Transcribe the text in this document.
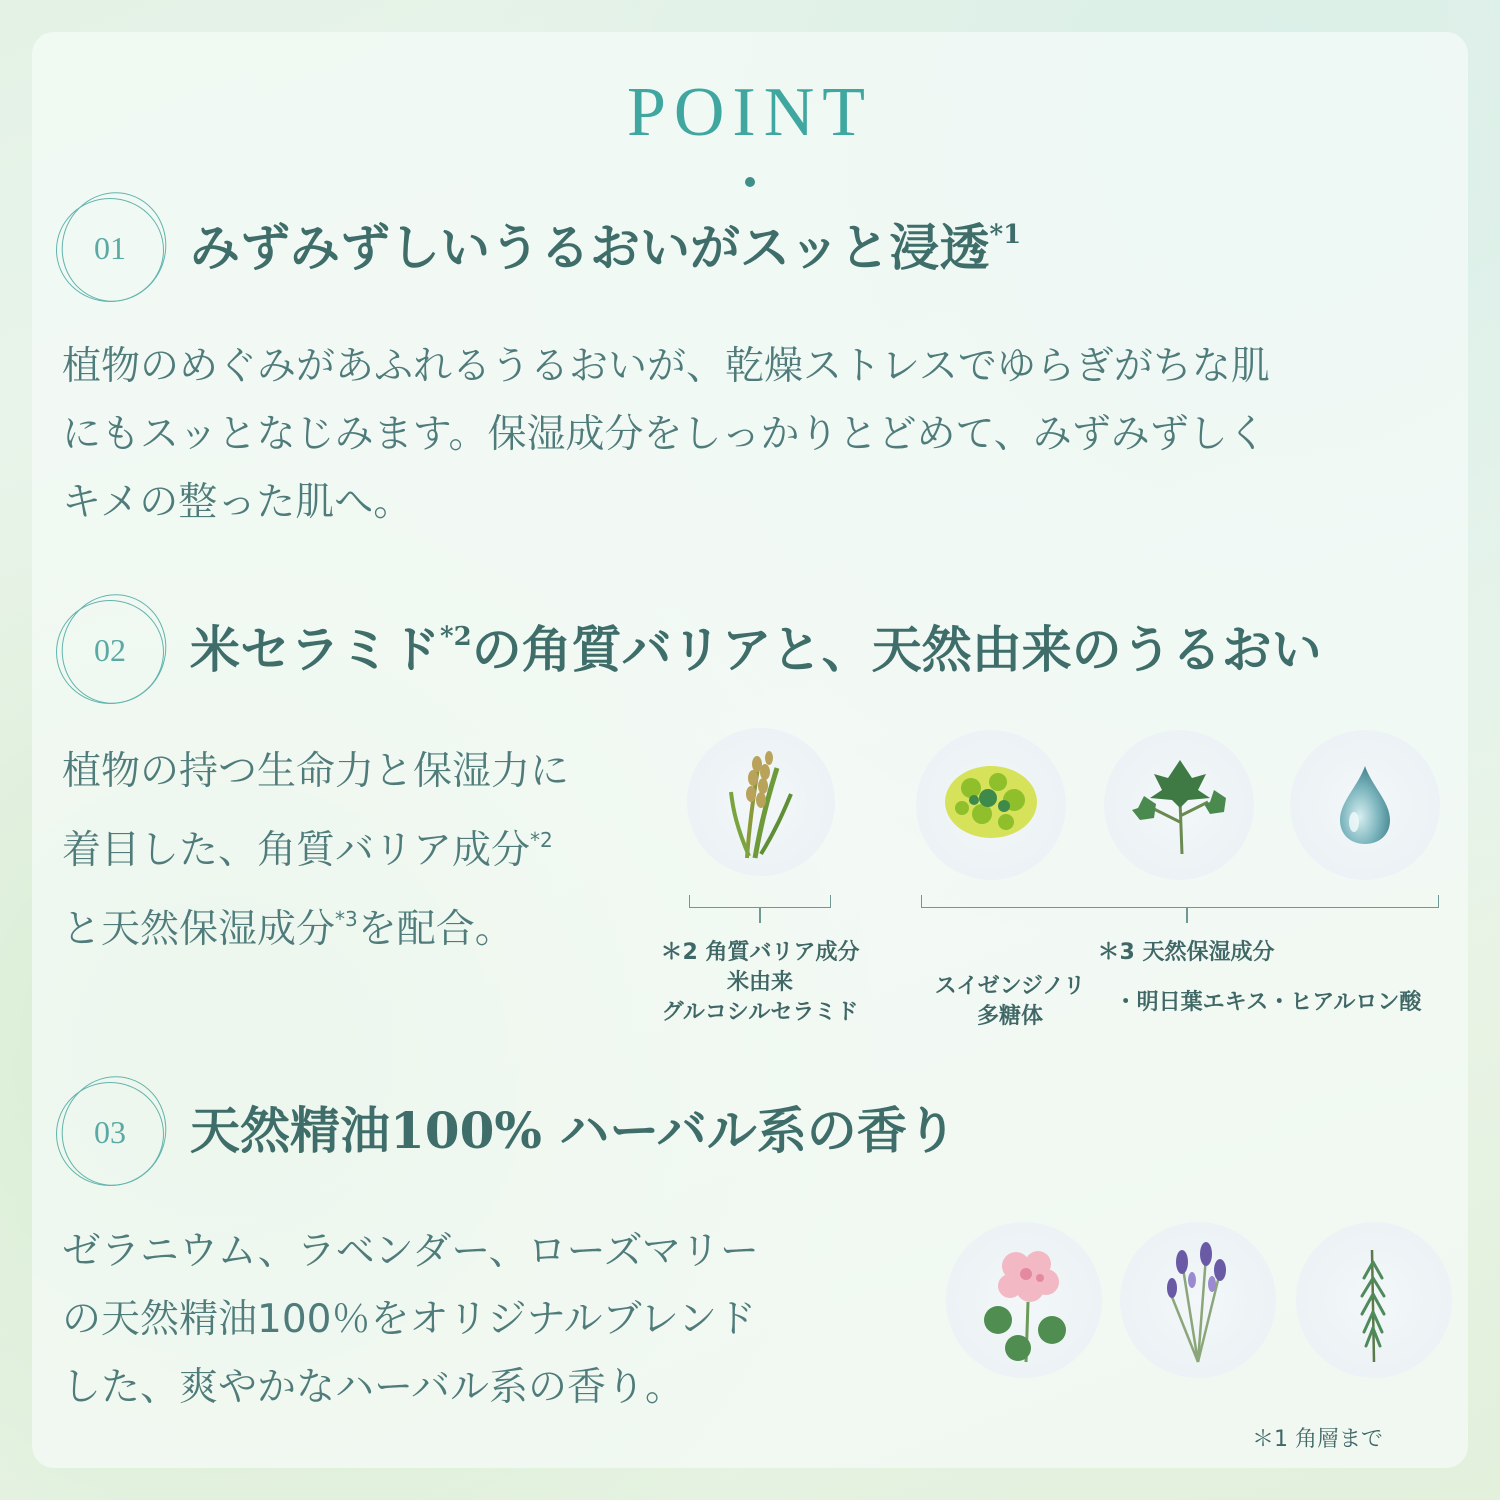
POINT
01	みずみずしいうるおいがスッと浸透$^{*1}$
植物のめぐみがあふれるうるおいが、乾燥ストレスでゆらぎがちな肌
にもスッとなじみます。保湿成分をしっかりとどめて、みずみずしく
キメの整った肌へ。
02	米セラミド$^{*2}$の角質バリアと、天然由来のうるおい
植物の持つ生命力と保湿力に
着目した、角質バリア成分$^{*2}$
と天然保湿成分$^{*3}$を配合。
＊2 角質バリア成分
米由来
グルコシルセラミド
＊3 天然保湿成分
スイゼンジノリ
多糖体
・明日葉エキス・ヒアルロン酸
03	天然精油100% ハーバル系の香り
ゼラニウム、ラベンダー、ローズマリー
の天然精油100％をオリジナルブレンド
した、爽やかなハーバル系の香り。
＊1 角層まで
